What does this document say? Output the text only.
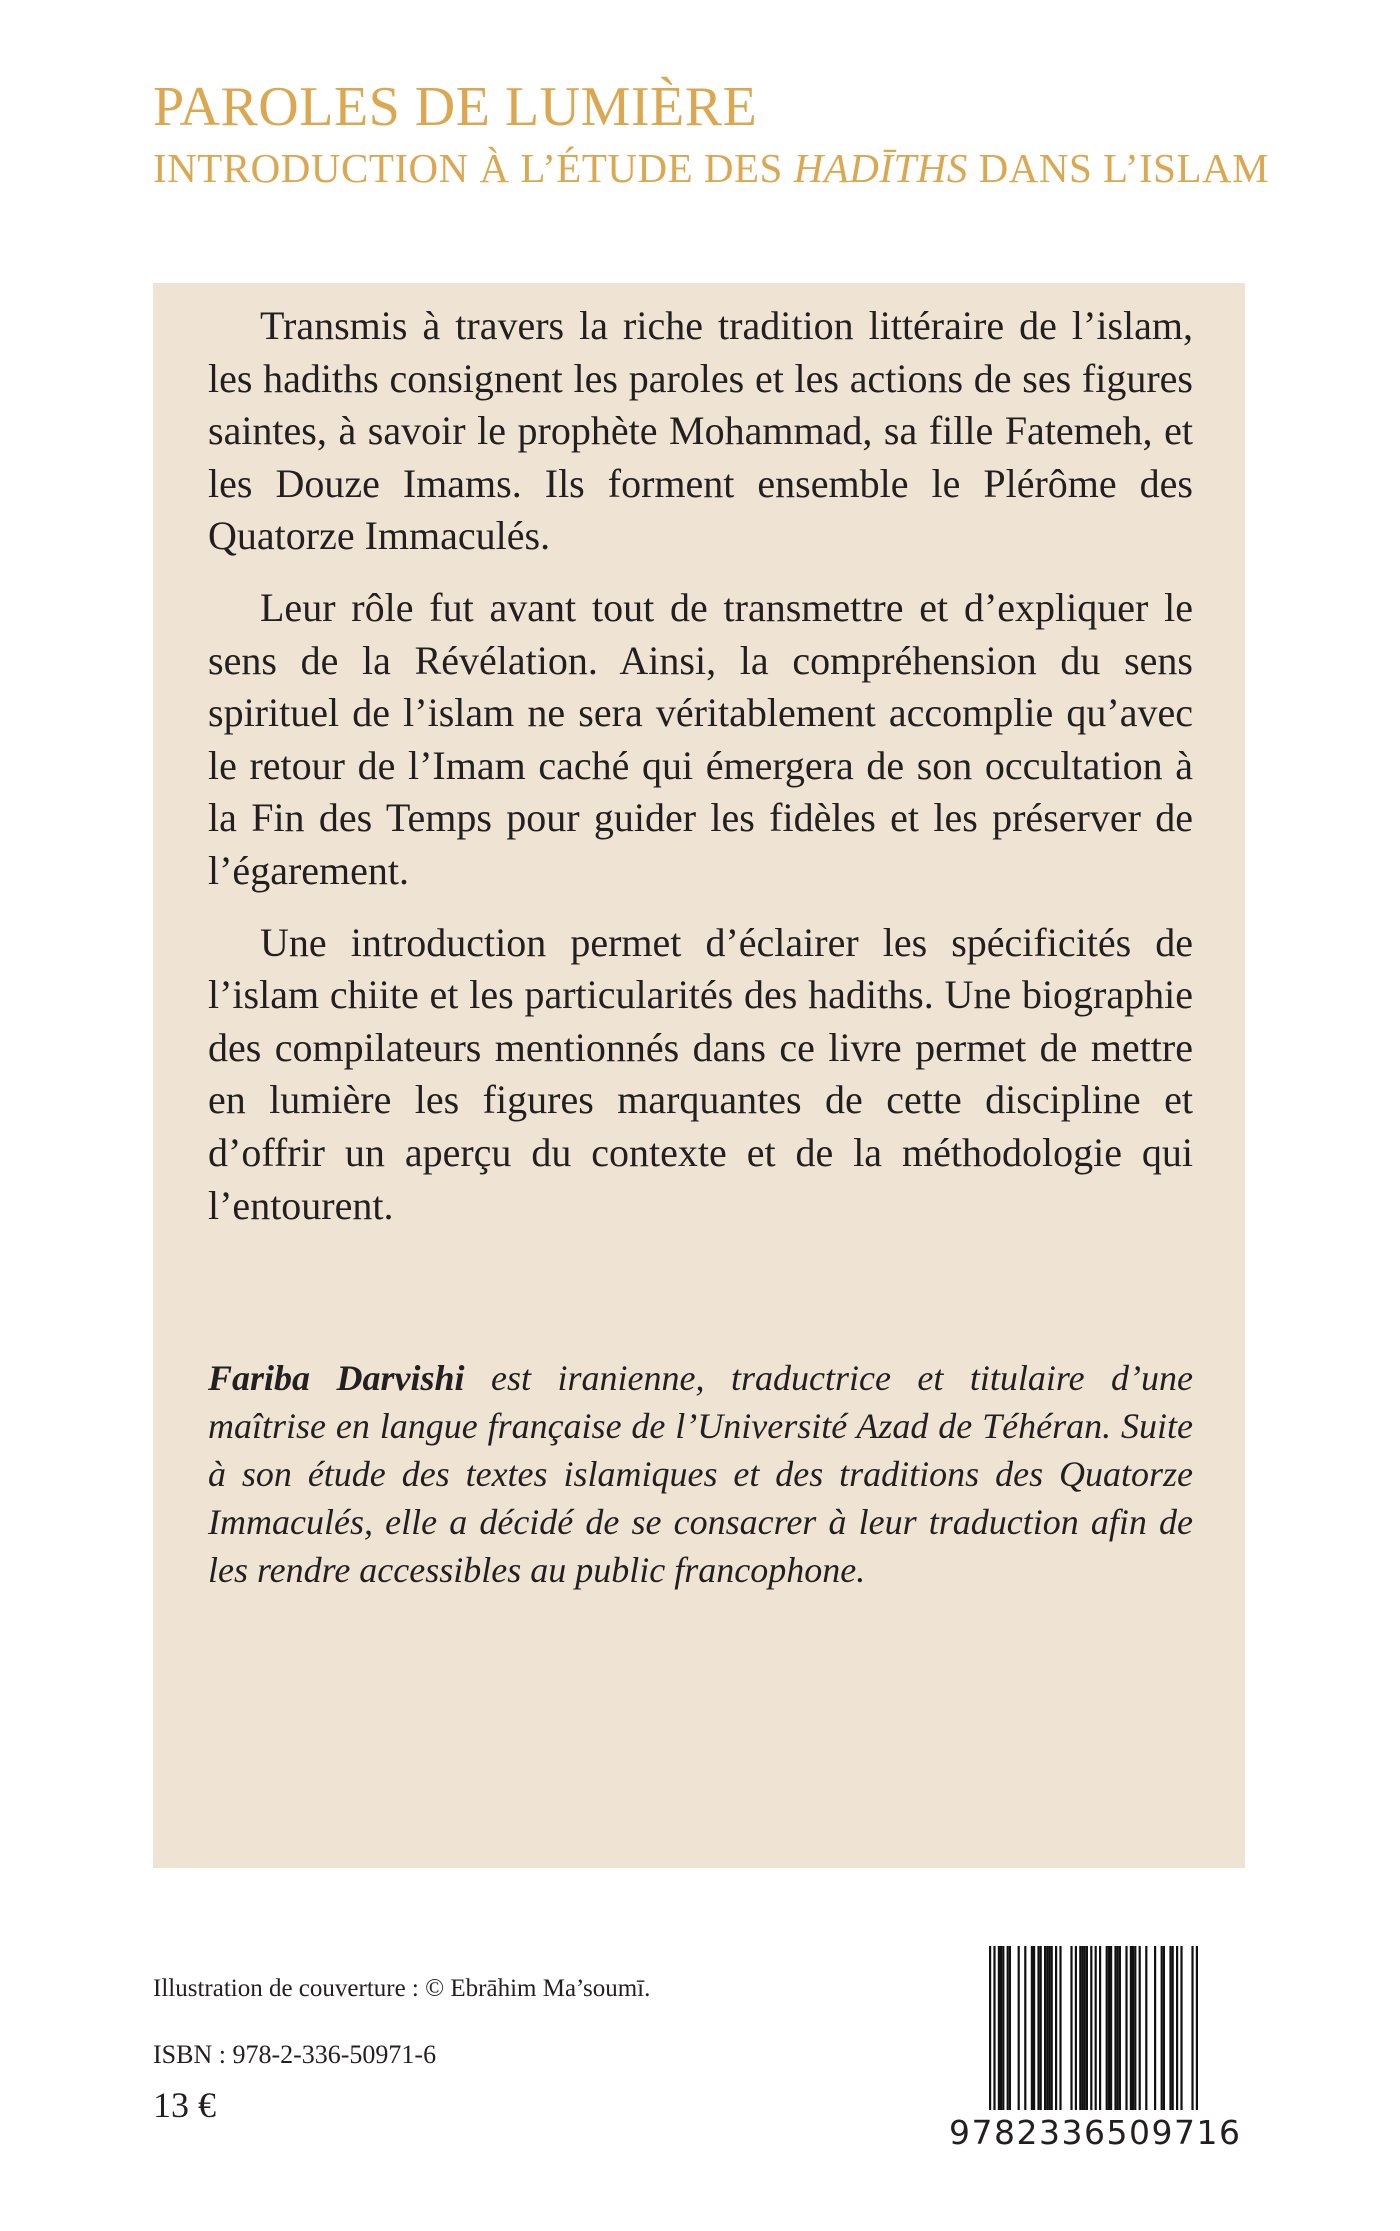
PAROLES DE LUMIÈRE
INTRODUCTION À L’ÉTUDE DES HADĪTHS DANS L’ISLAM

Transmis à travers la riche tradition littéraire de l’islam, les hadiths consignent les paroles et les actions de ses figures saintes, à savoir le prophète Mohammad, sa fille Fatemeh, et les Douze Imams. Ils forment ensemble le Plérôme des Quatorze Immaculés.

Leur rôle fut avant tout de transmettre et d’expliquer le sens de la Révélation. Ainsi, la compréhension du sens spirituel de l’islam ne sera véritablement accomplie qu’avec le retour de l’Imam caché qui émergera de son occultation à la Fin des Temps pour guider les fidèles et les préserver de l’égarement.

Une introduction permet d’éclairer les spécificités de l’islam chiite et les particularités des hadiths. Une biographie des compilateurs mentionnés dans ce livre permet de mettre en lumière les figures marquantes de cette discipline et d’offrir un aperçu du contexte et de la méthodologie qui l’entourent.

Fariba Darvishi est iranienne, traductrice et titulaire d’une maîtrise en langue française de l’Université Azad de Téhéran. Suite à son étude des textes islamiques et des traditions des Quatorze Immaculés, elle a décidé de se consacrer à leur traduction afin de les rendre accessibles au public francophone.
Illustration de couverture : © Ebrāhim Ma’soumī.
ISBN : 978-2-336-50971-6
13 €
9782336509716
